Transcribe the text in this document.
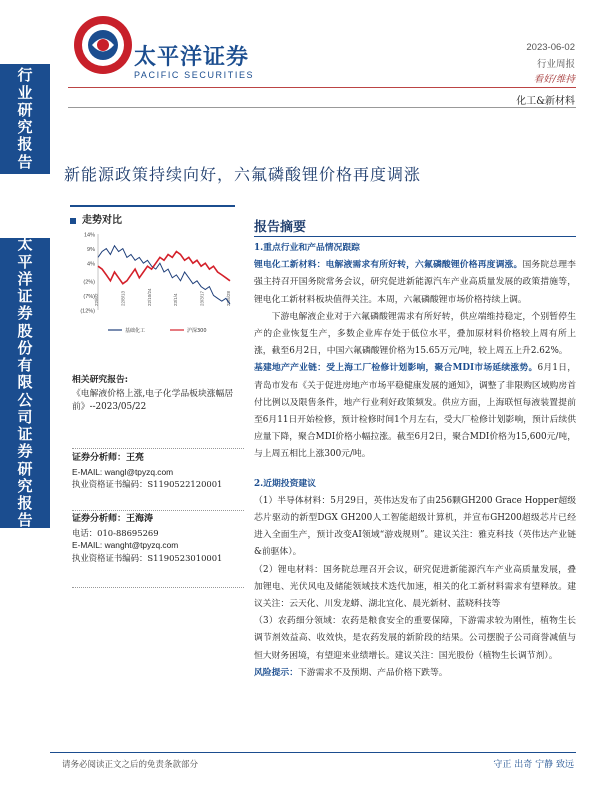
行
业
研
究
报
告
太
平
洋
证
券
股
份
有
限
公
司
证
券
研
究
报
告
太平洋证券
PACIFIC SECURITIES
2023-06-02
行业周报
看好/维持
化工&新材料
新能源政策持续向好，六氟磷酸锂价格再度调涨
走势对比
14%
9%
4%
(2%)
(7%)
(12%)
22/6/2	22/8/13	22/10/24	23/1/4	23/3/17	23/5/28
基础化工	沪深300
相关研究报告:
《电解液价格上涨,电子化学品板块涨幅居前》--2023/05/22
证券分析师：王亮
E-MAIL: wangl@tpyzq.com
执业资格证书编码：S1190522120001
证券分析师：王海涛
电话：010-88695269
E-MAIL: wanght@tpyzq.com
执业资格证书编码：S1190523010001
报告摘要
1.重点行业和产品情况跟踪
锂电化工新材料：电解液需求有所好转，六氟磷酸锂价格再度调涨。国务院总理李强主持召开国务院常务会议，研究促进新能源汽车产业高质量发展的政策措施等，锂电化工新材料板块值得关注。本周，六氟磷酸锂市场价格持续上调。
下游电解液企业对于六氟磷酸锂需求有所好转，供应端维持稳定，个别暂停生产的企业恢复生产，多数企业库存处于低位水平，叠加原材料价格较上周有所上涨，截至6月2日，中国六氟磷酸锂价格为15.65万元/吨，较上周五上升2.62%。
基建地产产业链：受上海工厂检修计划影响，聚合MDI市场延续涨势。6月1日，青岛市发布《关于促进房地产市场平稳健康发展的通知》，调整了非限购区域购房首付比例以及限售条件，地产行业利好政策频发。供应方面，上海联恒每液装置提前至6月11日开始检修，预计检修时间1个月左右，受大厂检修计划影响，预计后续供应量下降，聚合MDI价格小幅拉涨。截至6月2日，聚合MDI价格为15,600元/吨，与上周五相比上涨300元/吨。
2.近期投资建议
（1）半导体材料：5月29日，英伟达发布了由256颗GH200 Grace Hopper超级芯片驱动的新型DGX GH200人工智能超级计算机，并宣布GH200超级芯片已经进入全面生产，预计改变AI领域“游戏规则”。建议关注：雅克科技（英伟达产业链&前驱体）。
（2）锂电材料：国务院总理召开会议，研究促进新能源汽车产业高质量发展，叠加锂电、光伏风电及储能领域技术迭代加速，相关的化工新材料需求有望释放。建议关注：云天化、川发龙蟒、湖北宜化、晨光新材、蓝晓科技等
（3）农药细分领域：农药是粮食安全的重要保障，下游需求较为刚性，植物生长调节剂效益高、收效快，是农药发展的新阶段的结果。公司摆脱子公司商誉减值与恒大财务困境，有望迎来业绩增长。建议关注：国光股份（植物生长调节剂）。
风险提示：下游需求不及预期、产品价格下跌等。
请务必阅读正文之后的免责条款部分	守正 出奇 宁静 致远
